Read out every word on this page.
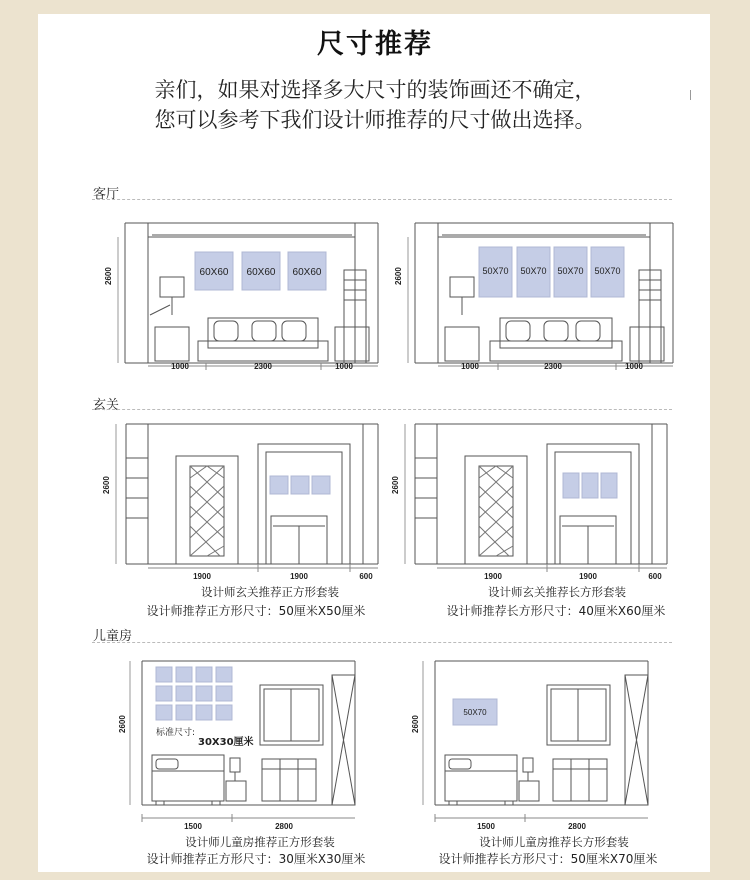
尺寸推荐
亲们，如果对选择多大尺寸的装饰画还不确定，
您可以参考下我们设计师推荐的尺寸做出选择。
客厅
60X60 60X60 60X60
2600
1000	2300	1000
50X70 50X70 50X70 50X70
2600
1000	2300	1000
玄关
2600
1900	1900	600
设计师玄关推荐正方形套装
设计师推荐正方形尺寸：50厘米X50厘米
2600
1900	1900	600
设计师玄关推荐长方形套装
设计师推荐长方形尺寸：40厘米X60厘米
儿童房
标准尺寸:
30X30厘米
2600
1500	2800
设计师儿童房推荐正方形套装
设计师推荐正方形尺寸：30厘米X30厘米
50X70
2600
1500	2800
设计师儿童房推荐长方形套装
设计师推荐长方形尺寸：50厘米X70厘米
